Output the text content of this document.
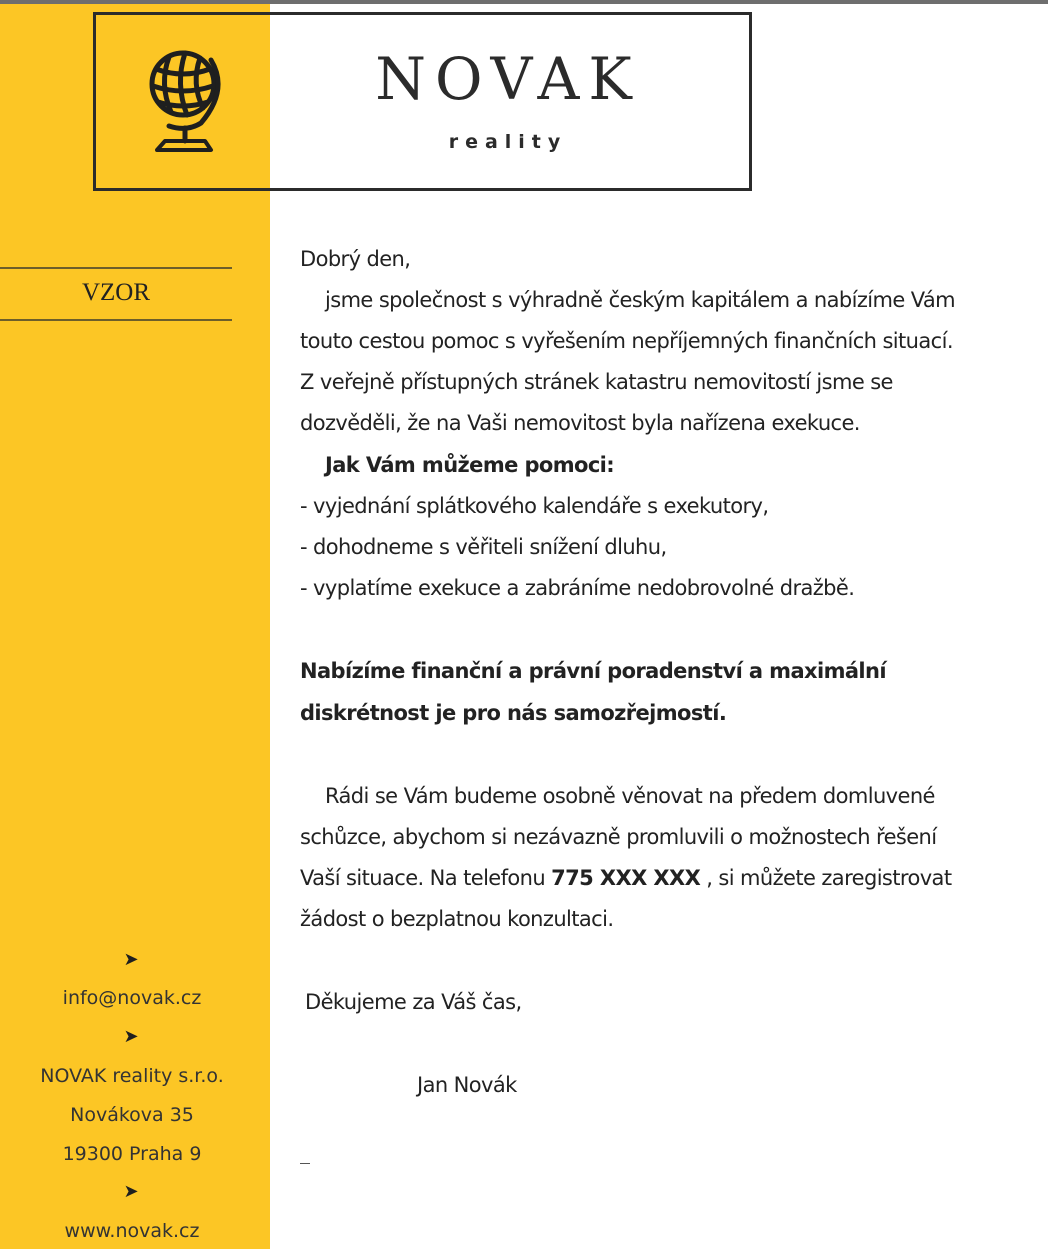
NOVAK
reality
VZOR
➤
info@novak.cz
➤
NOVAK reality s.r.o.
Novákova 35
19300 Praha 9
➤
www.novak.cz

Dobrý den,

jsme společnost s výhradně českým kapitálem a nabízíme Vám

touto cestou pomoc s vyřešením nepříjemných finančních situací.

Z veřejně přístupných stránek katastru nemovitostí jsme se

dozvěděli, že na Vaši nemovitost byla nařízena exekuce.

Jak Vám můžeme pomoci:

- vyjednání splátkového kalendáře s exekutory,

- dohodneme s věřiteli snížení dluhu,

- vyplatíme exekuce a zabráníme nedobrovolné dražbě.

Nabízíme finanční a právní poradenství a maximální

diskrétnost je pro nás samozřejmostí.

Rádi se Vám budeme osobně věnovat na předem domluvené

schůzce, abychom si nezávazně promluvili o možnostech řešení

Vaší situace. Na telefonu 775 XXX XXX , si můžete zaregistrovat

žádost o bezplatnou konzultaci.

Děkujeme za Váš čas,

Jan Novák
